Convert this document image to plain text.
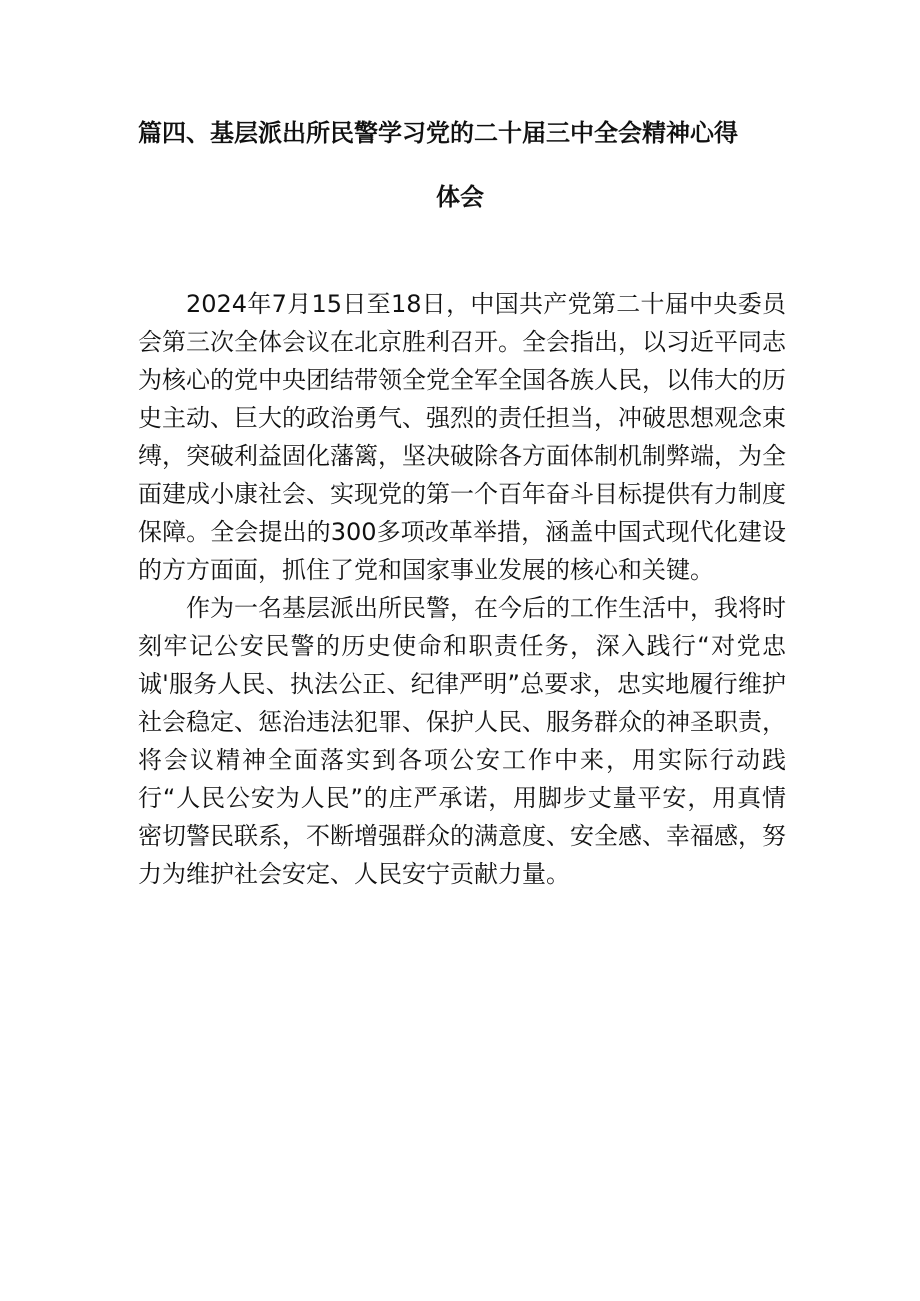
篇四、基层派出所民警学习党的二十届三中全会精神心得
体会

2024年7月15日至18日，中国共产党第二十届中央委员会第三次全体会议在北京胜利召开。全会指出，以习近平同志为核心的党中央团结带领全党全军全国各族人民，以伟大的历史主动、巨大的政治勇气、强烈的责任担当，冲破思想观念束缚，突破利益固化藩篱，坚决破除各方面体制机制弊端，为全面建成小康社会、实现党的第一个百年奋斗目标提供有力制度保障。全会提出的300多项改革举措，涵盖中国式现代化建设的方方面面，抓住了党和国家事业发展的核心和关键。

作为一名基层派出所民警，在今后的工作生活中，我将时刻牢记公安民警的历史使命和职责任务，深入践行“对党忠诚'服务人民、执法公正、纪律严明”总要求，忠实地履行维护社会稳定、惩治违法犯罪、保护人民、服务群众的神圣职责，将会议精神全面落实到各项公安工作中来，用实际行动践行“人民公安为人民”的庄严承诺，用脚步丈量平安，用真情密切警民联系，不断增强群众的满意度、安全感、幸福感，努力为维护社会安定、人民安宁贡献力量。
